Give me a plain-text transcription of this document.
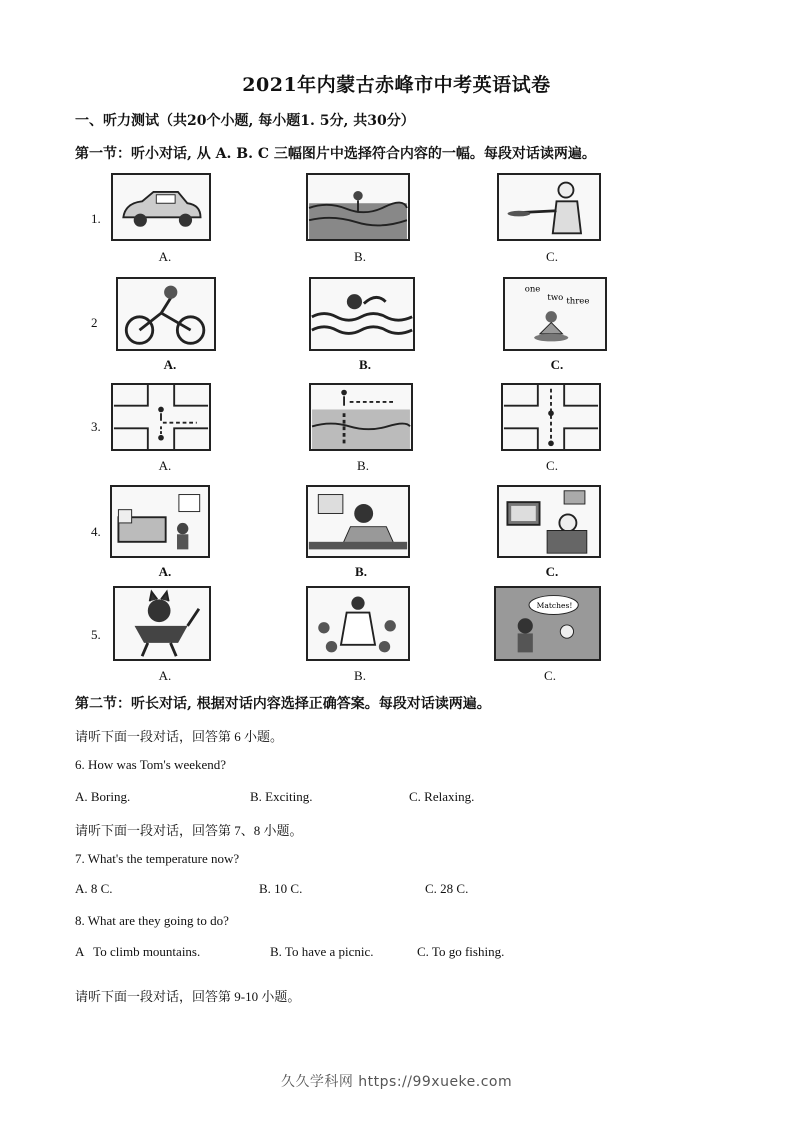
2021年内蒙古赤峰市中考英语试卷
一、听力测试（共20个小题, 每小题1. 5分, 共30分）
第一节：听小对话, 从 A. B. C 三幅图片中选择符合内容的一幅。每段对话读两遍。
1.
A.	B.	C.
2
one
two three
A.	B.	C.
3.
A.	B.	C.
4.
A.	B.	C.
5.
Matches!
A.	B.	C.
第二节：听长对话, 根据对话内容选择正确答案。每段对话读两遍。
请听下面一段对话，回答第 6 小题。
6. How was Tom's weekend?
A. Boring.	B. Exciting.	C. Relaxing.
请听下面一段对话，回答第 7、8 小题。
7. What's the temperature now?
A. 8 C.	B. 10 C.	C. 28 C.
8. What are they going to do?
A   To climb mountains.	B. To have a picnic.	C. To go fishing.
请听下面一段对话，回答第 9-10 小题。
久久学科网 https://99xueke.com
